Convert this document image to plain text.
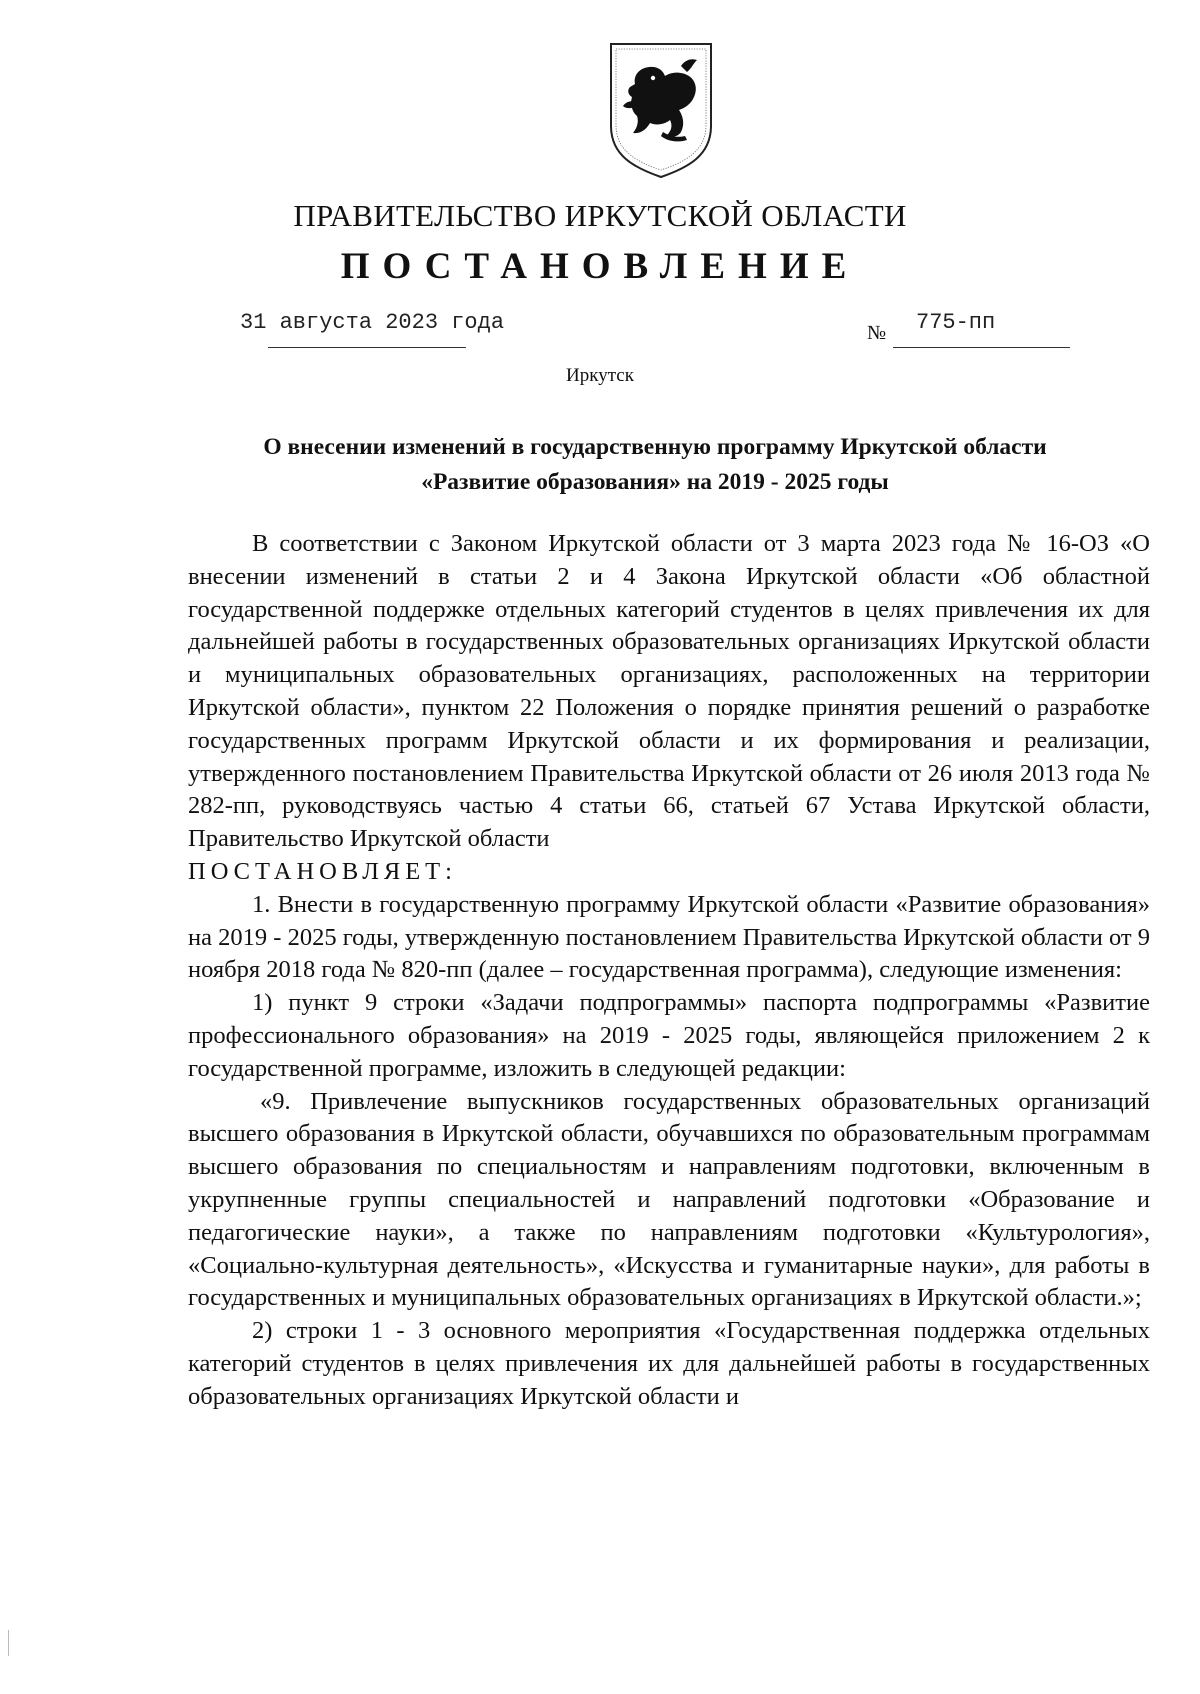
ПРАВИТЕЛЬСТВО ИРКУТСКОЙ ОБЛАСТИ
ПОСТАНОВЛЕНИЕ
31 августа 2023 года	№ 775-пп
Иркутск
О внесении изменений в государственную программу Иркутской области
«Развитие образования» на 2019 - 2025 годы

В соответствии с Законом Иркутской области от 3 марта 2023 года № 16-ОЗ «О внесении изменений в статьи 2 и 4 Закона Иркутской области «Об областной государственной поддержке отдельных категорий студентов в целях привлечения их для дальнейшей работы в государственных образовательных организациях Иркутской области и муниципальных образовательных организациях, расположенных на территории Иркутской области», пунктом 22 Положения о порядке принятия решений о разработке государственных программ Иркутской области и их формирования и реализации, утвержденного постановлением Правительства Иркутской области от 26 июля 2013 года № 282-пп, руководствуясь частью 4 статьи 66, статьей 67 Устава Иркутской области, Правительство Иркутской области

ПОСТАНОВЛЯЕТ:

1. Внести в государственную программу Иркутской области «Развитие образования» на 2019 - 2025 годы, утвержденную постановлением Правительства Иркутской области от 9 ноября 2018 года № 820-пп (далее – государственная программа), следующие изменения:

1) пункт 9 строки «Задачи подпрограммы» паспорта подпрограммы «Развитие профессионального образования» на 2019 - 2025 годы, являющейся приложением 2 к государственной программе, изложить в следующей редакции:

«9. Привлечение выпускников государственных образовательных организаций высшего образования в Иркутской области, обучавшихся по образовательным программам высшего образования по специальностям и направлениям подготовки, включенным в укрупненные группы специальностей и направлений подготовки «Образование и педагогические науки», а также по направлениям подготовки «Культурология», «Социально-культурная деятельность», «Искусства и гуманитарные науки», для работы в государственных и муниципальных образовательных организациях в Иркутской области.»;

2) строки 1 - 3 основного мероприятия «Государственная поддержка отдельных категорий студентов в целях привлечения их для дальнейшей работы в государственных образовательных организациях Иркутской области и
